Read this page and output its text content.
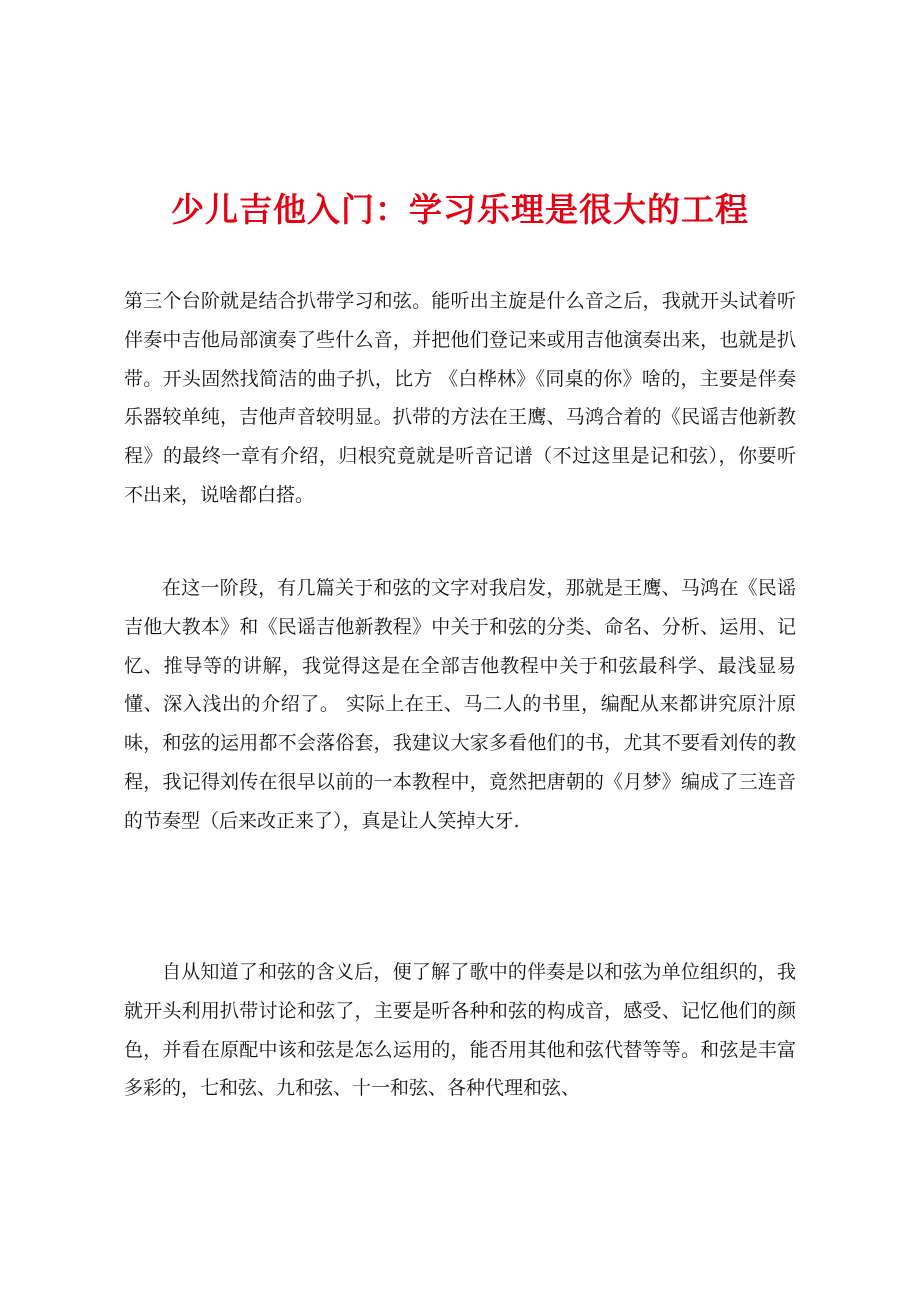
少儿吉他入门：学习乐理是很大的工程

第三个台阶就是结合扒带学习和弦。能听出主旋是什么音之后，我就开头试着听伴奏中吉他局部演奏了些什么音，并把他们登记来或用吉他演奏出来，也就是扒带。开头固然找简洁的曲子扒，比方 《白桦林》《同桌的你》啥的，主要是伴奏乐器较单纯，吉他声音较明显。扒带的方法在王鹰、马鸿合着的《民谣吉他新教程》的最终一章有介绍，归根究竟就是听音记谱（不过这里是记和弦），你要听不出来，说啥都白搭。

在这一阶段，有几篇关于和弦的文字对我启发，那就是王鹰、马鸿在《民谣吉他大教本》和《民谣吉他新教程》中关于和弦的分类、命名、分析、运用、记忆、推导等的讲解，我觉得这是在全部吉他教程中关于和弦最科学、最浅显易懂、深入浅出的介绍了。 实际上在王、马二人的书里，编配从来都讲究原汁原味，和弦的运用都不会落俗套，我建议大家多看他们的书，尤其不要看刘传的教程，我记得刘传在很早以前的一本教程中，竟然把唐朝的《月梦》编成了三连音的节奏型（后来改正来了），真是让人笑掉大牙.

自从知道了和弦的含义后，便了解了歌中的伴奏是以和弦为单位组织的，我就开头利用扒带讨论和弦了，主要是听各种和弦的构成音，感受、记忆他们的颜色，并看在原配中该和弦是怎么运用的，能否用其他和弦代替等等。和弦是丰富多彩的，七和弦、九和弦、十一和弦、各种代理和弦、
